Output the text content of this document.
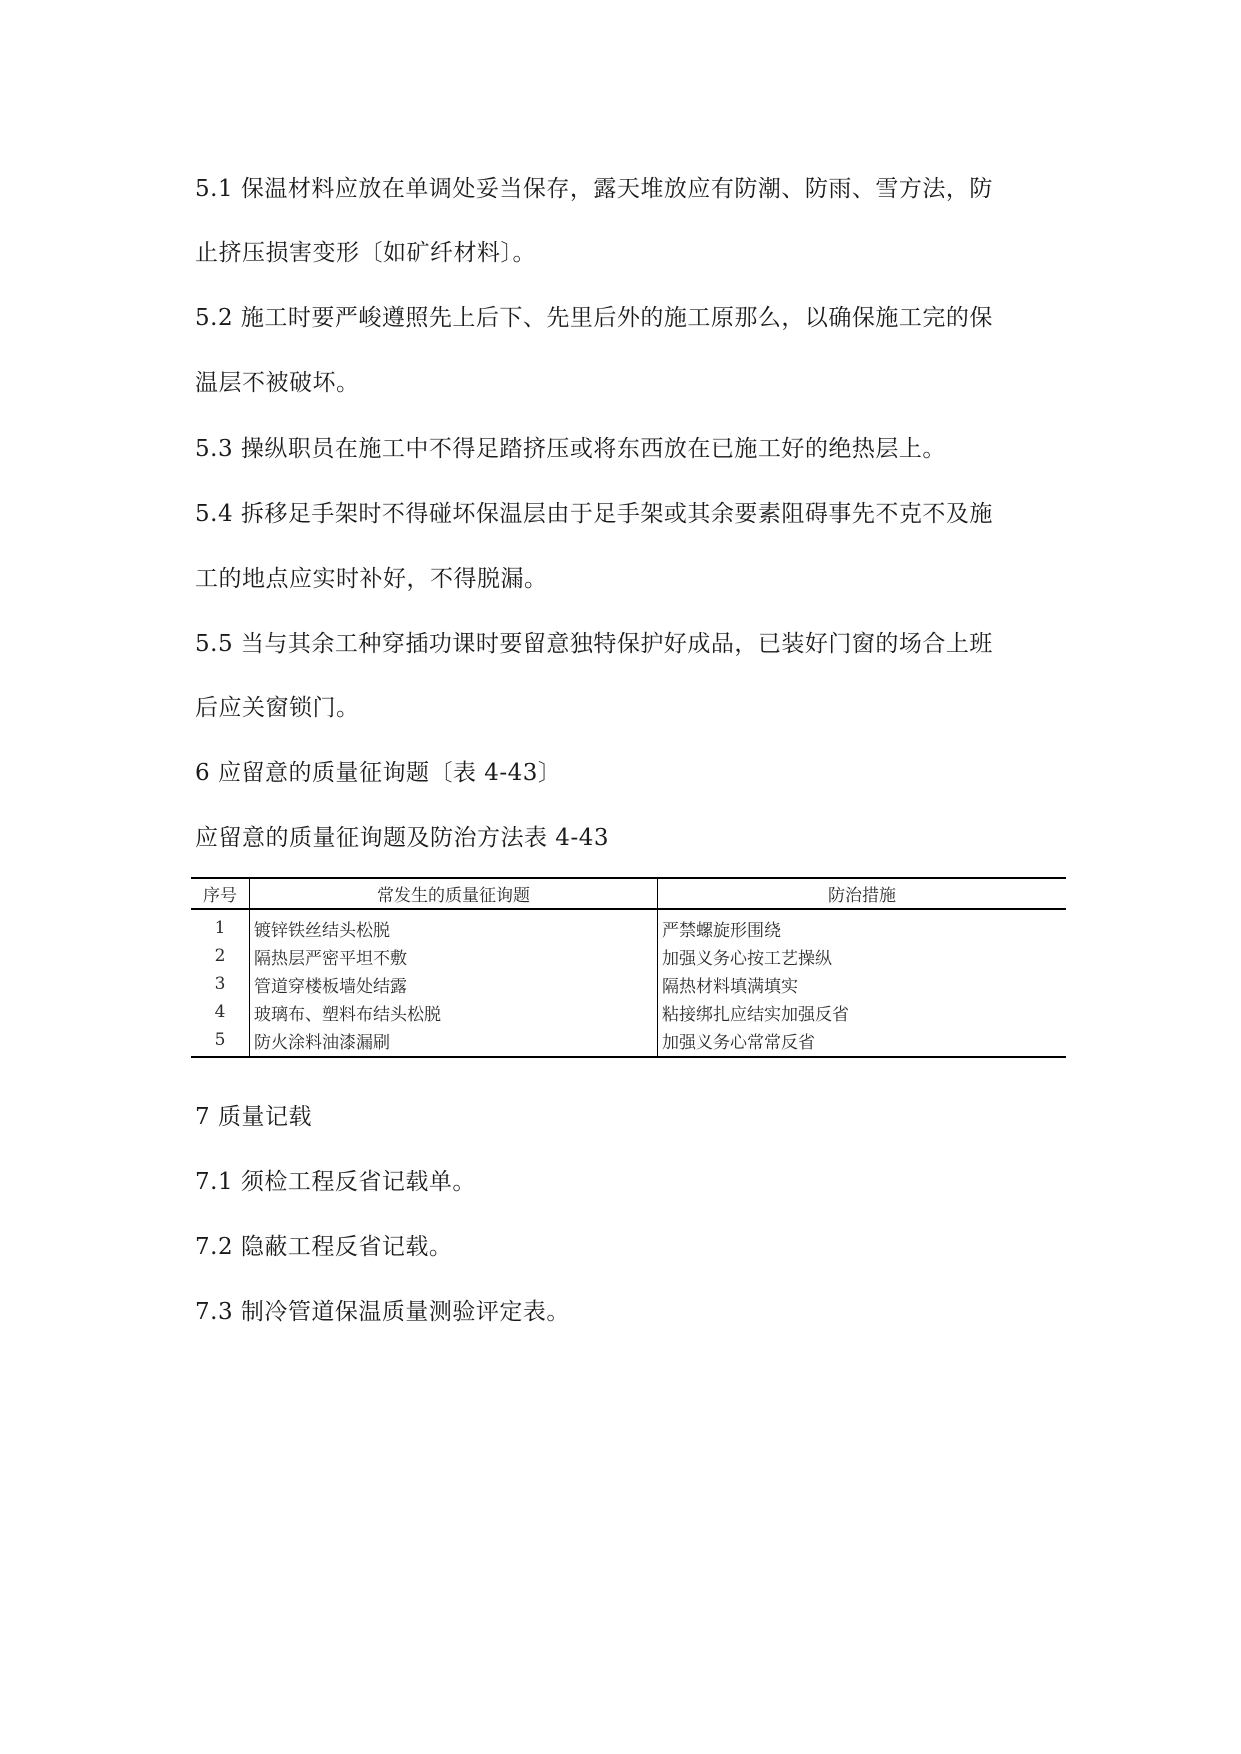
5.1 保温材料应放在单调处妥当保存，露天堆放应有防潮、防雨、雪方法，防
止挤压损害变形〔如矿纤材料〕。
5.2 施工时要严峻遵照先上后下、先里后外的施工原那么，以确保施工完的保
温层不被破坏。
5.3 操纵职员在施工中不得足踏挤压或将东西放在已施工好的绝热层上。
5.4 拆移足手架时不得碰坏保温层由于足手架或其余要素阻碍事先不克不及施
工的地点应实时补好，不得脱漏。
5.5 当与其余工种穿插功课时要留意独特保护好成品，已装好门窗的场合上班
后应关窗锁门。
6 应留意的质量征询题〔表 4-43〕
应留意的质量征询题及防治方法表 4-43
序号	常发生的质量征询题	防治措施
1	镀锌铁丝结头松脱	严禁螺旋形围绕
2	隔热层严密平坦不敷	加强义务心按工艺操纵
3	管道穿楼板墙处结露	隔热材料填满填实
4	玻璃布、塑料布结头松脱	粘接绑扎应结实加强反省
5	防火涂料油漆漏刷	加强义务心常常反省
7 质量记载
7.1 须检工程反省记载单。
7.2 隐蔽工程反省记载。
7.3 制冷管道保温质量测验评定表。
